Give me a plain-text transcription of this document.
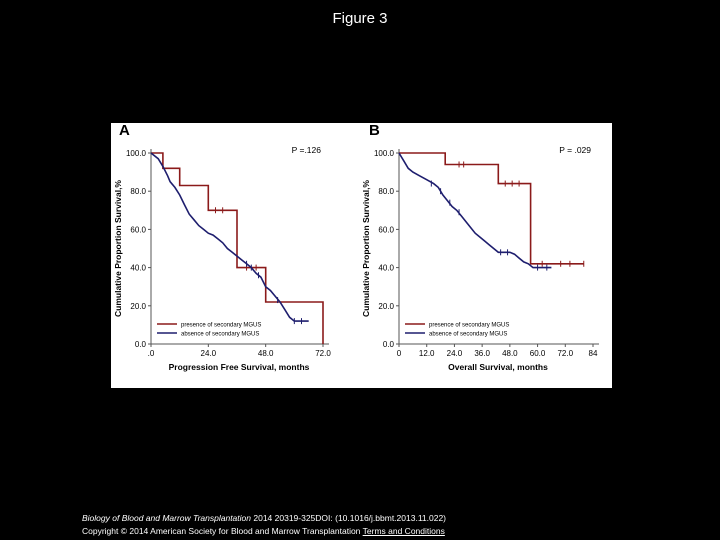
Figure 3
A
0.0
20.0
40.0
60.0
80.0
100.0
.0	24.0	48.0	72.0
Progression Free Survival, months
Cumulative Proportion Survival,%
P =.126
presence of secondary MGUS
absence of secondary MGUS
B
0.0
20.0
40.0
60.0
80.0
100.0
0 12.0 24.0 36.0 48.0 60.0 72.0 84
Overall Survival, months
Cumulative Proportion Survival,%
P = .029
presence of secondary MGUS
absence of secondary MGUS
Biology of Blood and Marrow Transplantation 2014 20319-325DOI: (10.1016/j.bbmt.2013.11.022)
Copyright © 2014 American Society for Blood and Marrow Transplantation Terms and Conditions
